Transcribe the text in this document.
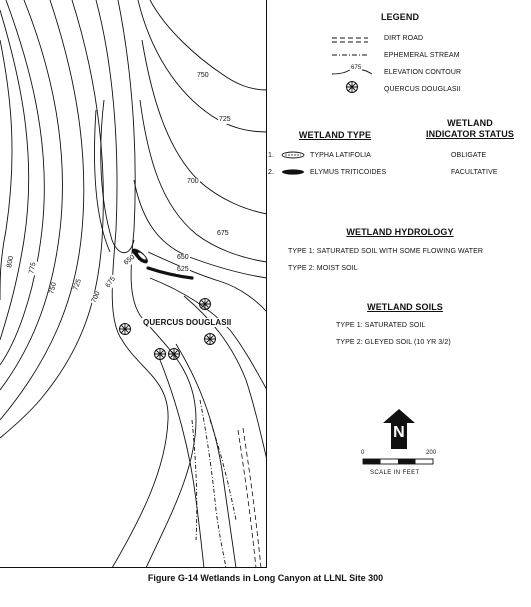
750
725
700
675
650
625
650
675
700
725
750
775
800
QUERCUS DOUGLASII
LEGEND
DIRT ROAD
EPHEMERAL STREAM
675
ELEVATION CONTOUR
QUERCUS DOUGLASII
WETLAND TYPE
WETLAND
INDICATOR STATUS
1.	TYPHA LATIFOLIA	OBLIGATE
2.	ELYMUS TRITICOIDES	FACULTATIVE
WETLAND HYDROLOGY
TYPE 1: SATURATED SOIL WITH SOME FLOWING WATER
TYPE 2: MOIST SOIL
WETLAND SOILS
TYPE 1: SATURATED SOIL
TYPE 2: GLEYED SOIL (10 YR 3/2)
N
0	200
SCALE IN FEET
Figure G-14 Wetlands in Long Canyon at LLNL Site 300
